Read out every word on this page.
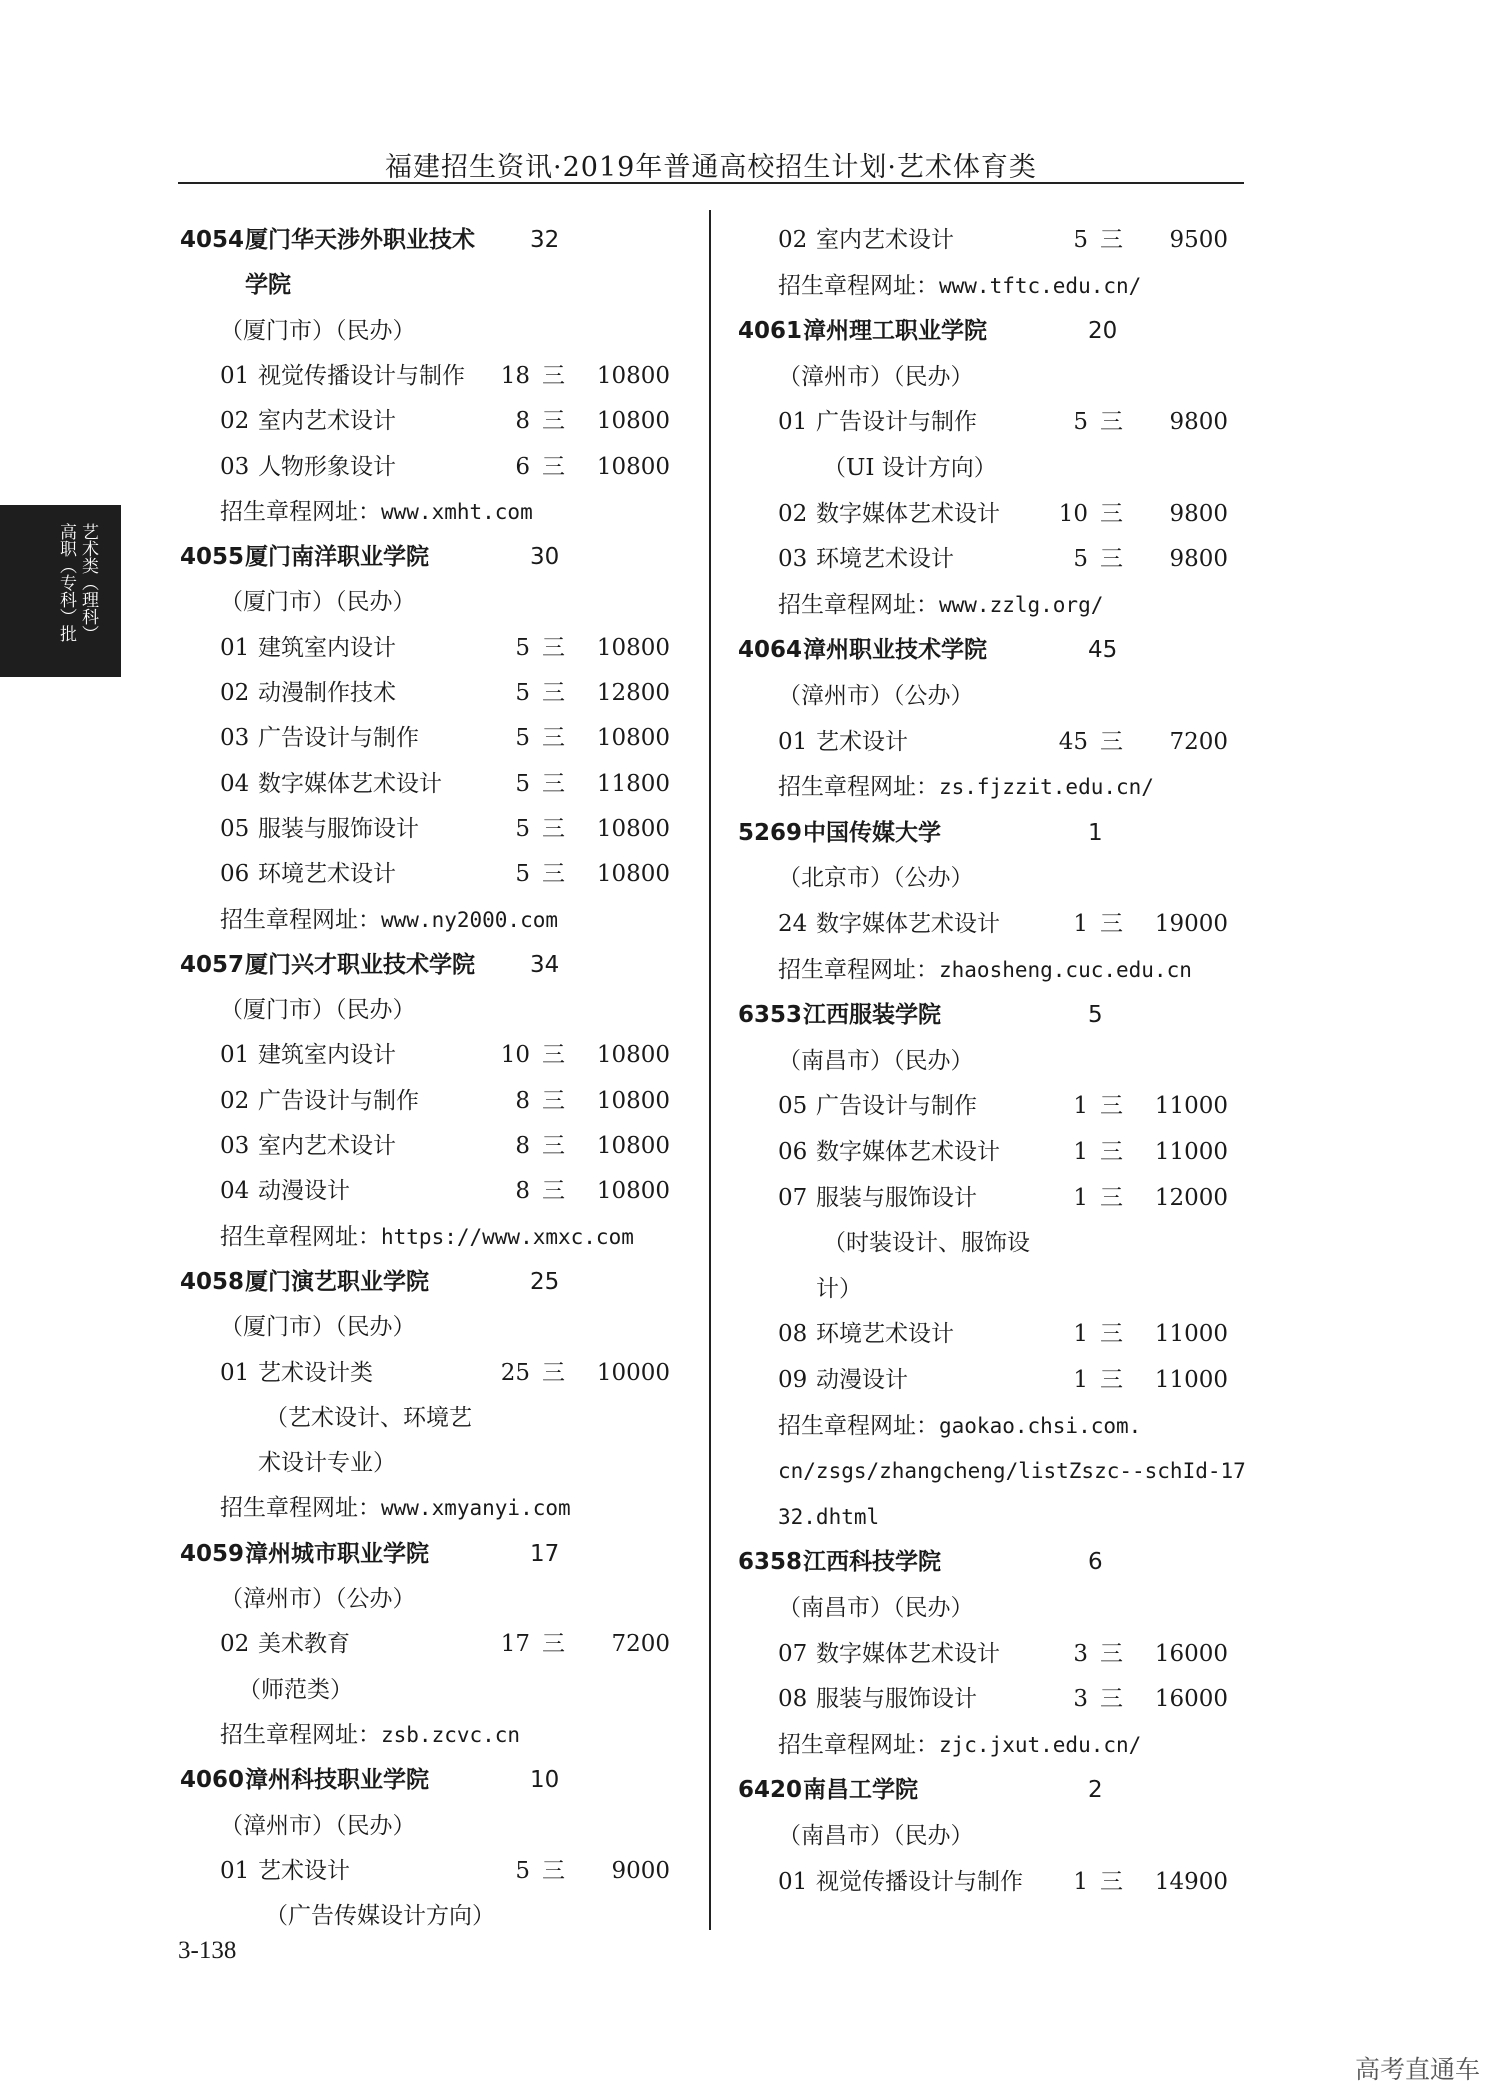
福建招生资讯·2019年普通高校招生计划·艺术体育类
艺术类（理科）
高职（专科）批
4054 厦门华天涉外职业技术 32
学院
（厦门市）（民办）
01 视觉传播设计与制作	18 三	10800
02 室内艺术设计	8 三	10800
03 人物形象设计	6 三	10800
招生章程网址：www.xmht.com
4055 厦门南洋职业学院	30
（厦门市）（民办）
01 建筑室内设计	5 三	10800
02 动漫制作技术	5 三	12800
03 广告设计与制作	5 三	10800
04 数字媒体艺术设计	5 三	11800
05 服装与服饰设计	5 三	10800
06 环境艺术设计	5 三	10800
招生章程网址：www.ny2000.com
4057 厦门兴才职业技术学院 34
（厦门市）（民办）
01 建筑室内设计	10 三	10800
02 广告设计与制作	8 三	10800
03 室内艺术设计	8 三	10800
04 动漫设计	8 三	10800
招生章程网址：https://www.xmxc.com
4058 厦门演艺职业学院	25
（厦门市）（民办）
01 艺术设计类	25 三	10000
（艺术设计、环境艺
术设计专业）
招生章程网址：www.xmyanyi.com
4059 漳州城市职业学院	17
（漳州市）（公办）
02 美术教育	17 三	7200
（师范类）
招生章程网址：zsb.zcvc.cn
4060 漳州科技职业学院	10
（漳州市）（民办）
01 艺术设计	5 三	9000
（广告传媒设计方向）
02 室内艺术设计	5 三	9500
招生章程网址：www.tftc.edu.cn/
4061 漳州理工职业学院	20
（漳州市）（民办）
01 广告设计与制作	5 三	9800
（UI 设计方向）
02 数字媒体艺术设计	10 三	9800
03 环境艺术设计	5 三	9800
招生章程网址：www.zzlg.org/
4064 漳州职业技术学院	45
（漳州市）（公办）
01 艺术设计	45 三	7200
招生章程网址：zs.fjzzit.edu.cn/
5269 中国传媒大学	1
（北京市）（公办）
24 数字媒体艺术设计	1 三	19000
招生章程网址：zhaosheng.cuc.edu.cn
6353 江西服装学院	5
（南昌市）（民办）
05 广告设计与制作	1 三	11000
06 数字媒体艺术设计	1 三	11000
07 服装与服饰设计	1 三	12000
（时装设计、服饰设
计）
08 环境艺术设计	1 三	11000
09 动漫设计	1 三	11000
招生章程网址：gaokao.chsi.com.
cn/zsgs/zhangcheng/listZszc--schId-17
32.dhtml
6358 江西科技学院	6
（南昌市）（民办）
07 数字媒体艺术设计	3 三	16000
08 服装与服饰设计	3 三	16000
招生章程网址：zjc.jxut.edu.cn/
6420 南昌工学院	2
（南昌市）（民办）
01 视觉传播设计与制作	1 三	14900
3-138
高考直通车
